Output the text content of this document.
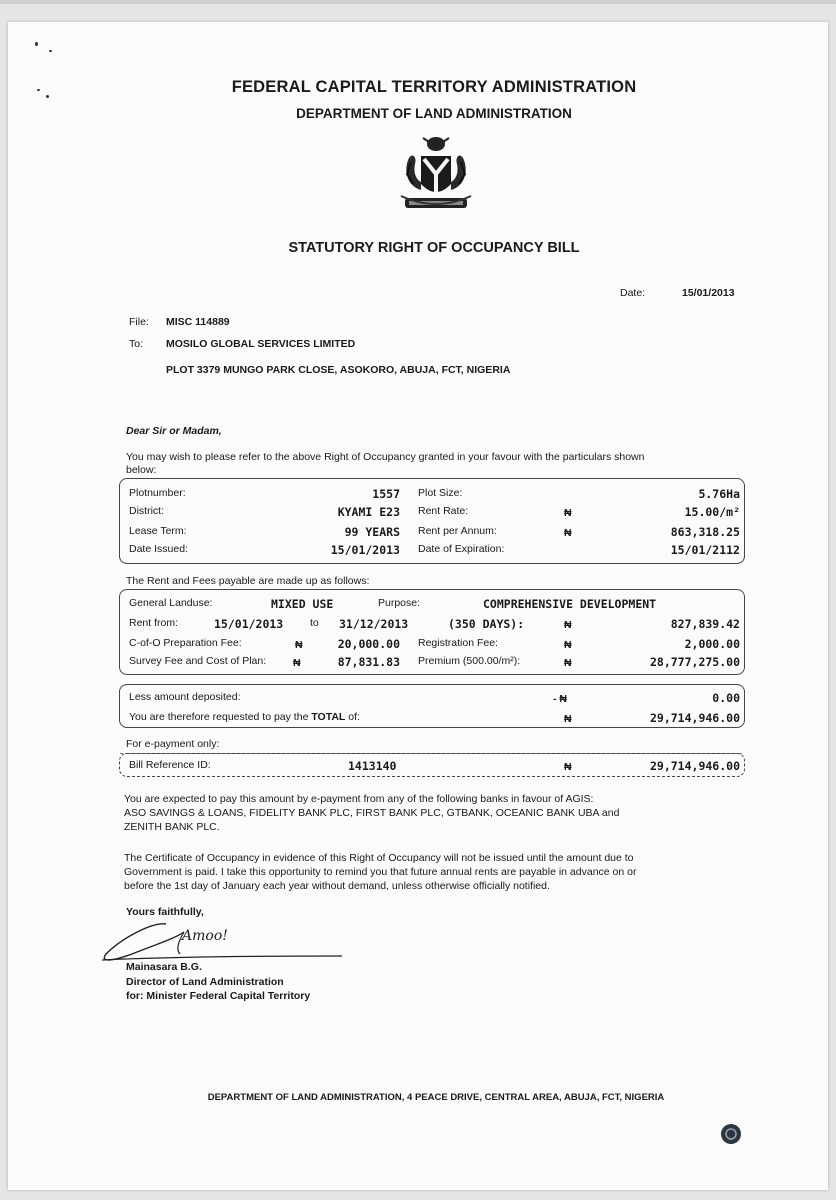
FEDERAL CAPITAL TERRITORY ADMINISTRATION
DEPARTMENT OF LAND ADMINISTRATION
STATUTORY RIGHT OF OCCUPANCY BILL
Date:	15/01/2013
File: MISC 114889
To: MOSILO GLOBAL SERVICES LIMITED
PLOT 3379 MUNGO PARK CLOSE, ASOKORO, ABUJA, FCT, NIGERIA
Dear Sir or Madam,
You may wish to please refer to the above Right of Occupancy granted in your favour with the particulars shown
below:
Plotnumber:	1557 Plot Size:	5.76Ha
District:	KYAMI E23 Rent Rate:	₦	15.00/m²
Lease Term:	99 YEARS Rent per Annum:	₦	863,318.25
Date Issued:	15/01/2013 Date of Expiration:	15/01/2112
The Rent and Fees payable are made up as follows:
General Landuse:	MIXED USE	Purpose:	COMPREHENSIVE DEVELOPMENT
Rent from:	15/01/2013	to 31/12/2013	(350 DAYS):	₦	827,839.42
C-of-O Preparation Fee:	₦	20,000.00 Registration Fee:	₦	2,000.00
Survey Fee and Cost of Plan:	₦	87,831.83 Premium (500.00/m²):	₦	28,777,275.00
Less amount deposited:	- ₦	0.00
You are therefore requested to pay the TOTAL of:	₦	29,714,946.00
For e-payment only:
Bill Reference ID:	1413140	₦	29,714,946.00
You are expected to pay this amount by e-payment from any of the following banks in favour of AGIS:
ASO SAVINGS & LOANS, FIDELITY BANK PLC, FIRST BANK PLC, GTBANK, OCEANIC BANK UBA and
ZENITH BANK PLC.
The Certificate of Occupancy in evidence of this Right of Occupancy will not be issued until the amount due to
Government is paid. I take this opportunity to remind you that future annual rents are payable in advance on or
before the 1st day of January each year without demand, unless otherwise officially notified.
Yours faithfully,
Amoo!
Mainasara B.G.
Director of Land Administration
for: Minister Federal Capital Territory
DEPARTMENT OF LAND ADMINISTRATION, 4 PEACE DRIVE, CENTRAL AREA, ABUJA, FCT, NIGERIA
